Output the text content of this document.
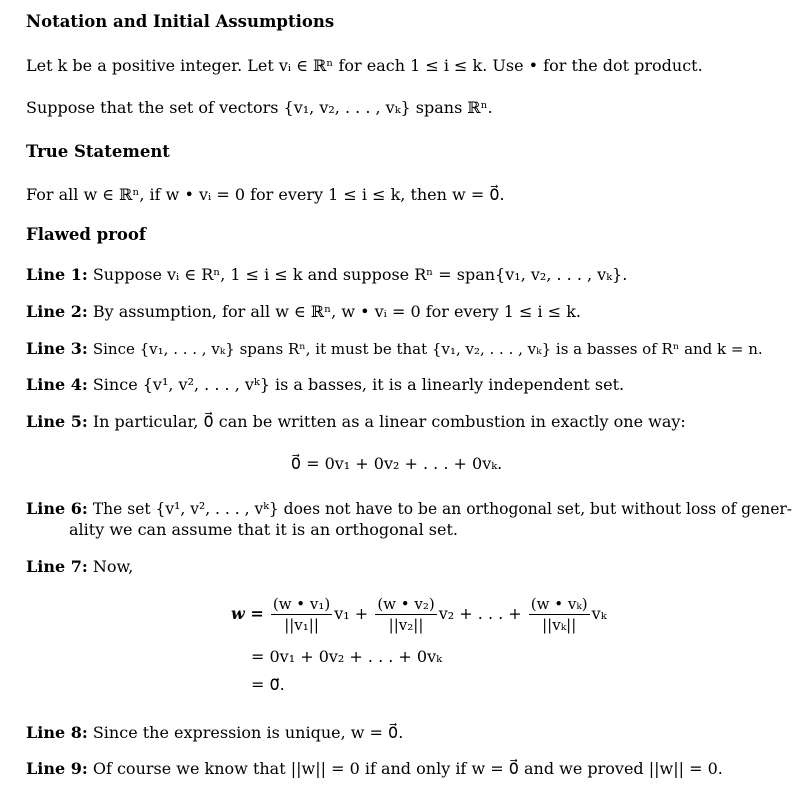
Notation and Initial Assumptions
Let k be a positive integer. Let vᵢ ∈ ℝⁿ for each 1 ≤ i ≤ k. Use • for the dot product.
Suppose that the set of vectors {v₁, v₂, . . . , vₖ} spans ℝⁿ.
True Statement
For all w ∈ ℝⁿ, if w • vᵢ = 0 for every 1 ≤ i ≤ k, then w = 0⃗.
Flawed proof
Line 1: Suppose vᵢ ∈ Rⁿ, 1 ≤ i ≤ k and suppose Rⁿ = span{v₁, v₂, . . . , vₖ}.
Line 2: By assumption, for all w ∈ ℝⁿ, w • vᵢ = 0 for every 1 ≤ i ≤ k.
Line 3: Since {v₁, . . . , vₖ} spans Rⁿ, it must be that {v₁, v₂, . . . , vₖ} is a basses of Rⁿ and k = n.
Line 4: Since {v¹, v², . . . , vᵏ} is a basses, it is a linearly independent set.
Line 5: In particular, 0⃗ can be written as a linear combustion in exactly one way:
0⃗ = 0v₁ + 0v₂ + . . . + 0vₖ.
Line 6: The set {v¹, v², . . . , vᵏ} does not have to be an orthogonal set, but without loss of gener-
ality we can assume that it is an orthogonal set.
Line 7: Now,
$w = \frac{\text{(w • v₁)}}{\text{||v₁||}} v_1 + \frac{\text{(w • v₂)}}{\text{||v₂||}} v_2$ + . . . + $\frac{\text{(w • vₖ)}}{\text{||vₖ||}}$ vₖ
= 0v₁ + 0v₂ + . . . + 0vₖ
= 0⃗.
Line 8: Since the expression is unique, w = 0⃗.
Line 9: Of course we know that ||w|| = 0 if and only if w = 0⃗ and we proved ||w|| = 0.
